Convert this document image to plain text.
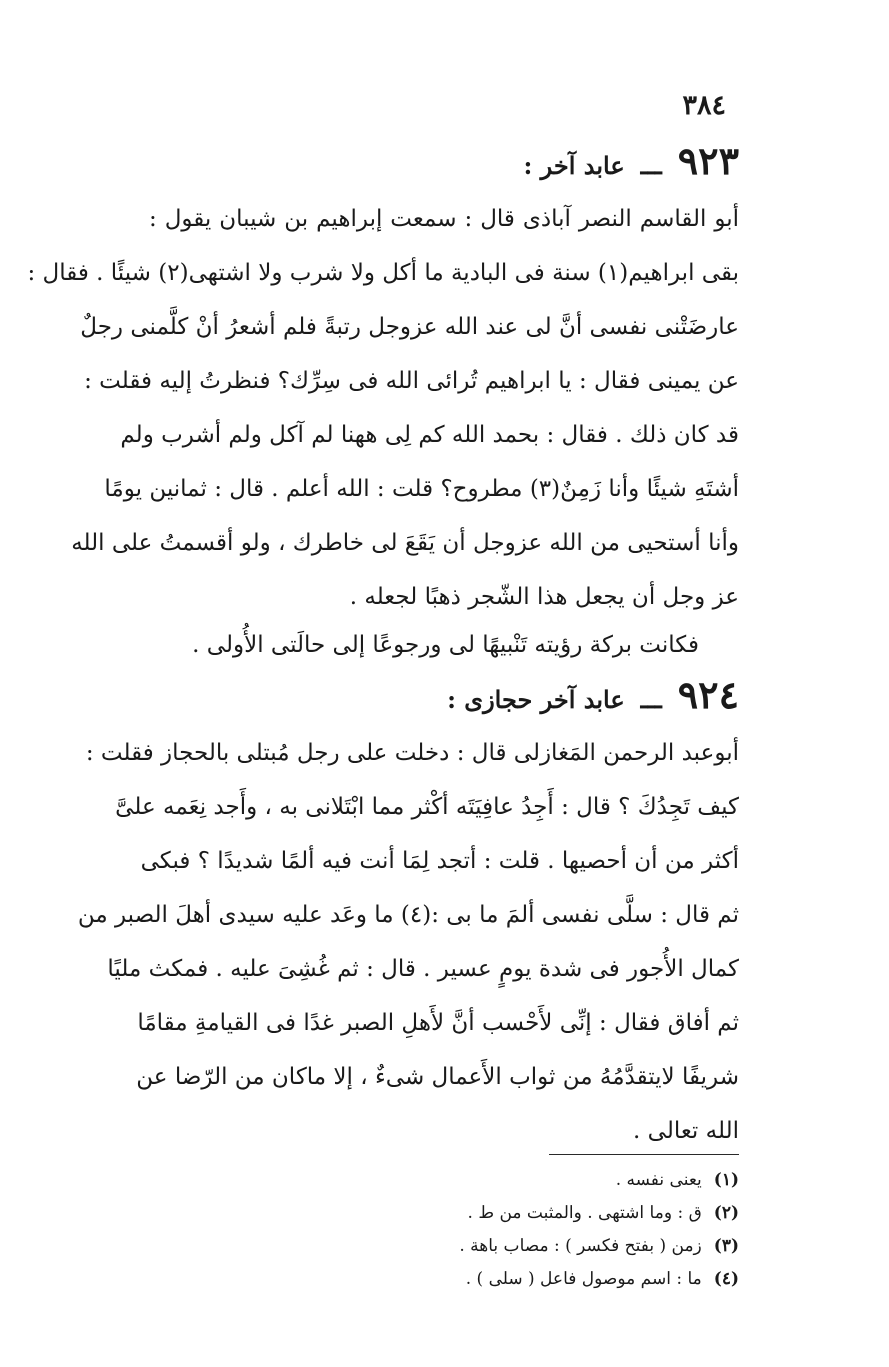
٣٨٤
٩٢٣
ـــ
عابد آخر :
أبو القاسم النصر آباذى قال : سمعت إبراهيم بن شيبان يقول :
بقى ابراهيم(١) سنة فى البادية ما أكل ولا شرب ولا اشتهى(٢) شيئًا . فقال :
عارضَتْنى نفسى أنَّ لى عند الله عزوجل رتبةً فلم أشعرُ أنْ كلَّمنى رجلٌ
عن يمينى فقال : يا ابراهيم تُرائى الله فى سِرِّك؟ فنظرتُ إليه فقلت :
قد كان ذلك . فقال : بحمد الله كم لِى ههنا لم آكل ولم أشرب ولم
أشتَهِ شيئًا وأنا زَمِنٌ(٣) مطروح؟ قلت : الله أعلم . قال : ثمانين يومًا
وأنا أستحيى من الله عزوجل أن يَقَعَ لى خاطرك ، ولو أقسمتُ على الله
عز وجل أن يجعل هذا الشّجر ذهبًا لجعله .
فكانت بركة رؤيته تَنْبيهًا لى ورجوعًا إلى حالَتى الأُولى .
٩٢٤
ـــ
عابد آخر حجازى :
أبوعبد الرحمن المَغازلى قال : دخلت على رجل مُبتلى بالحجاز فقلت :
كيف تَجِدُكَ ؟ قال : أَجِدُ عافِيَتَه أكْثر مما ابْتَلانى به ، وأَجد نِعَمه علىَّ
أكثر من أن أحصيها . قلت : أتجد لِمَا أنت فيه ألمًا شديدًا ؟ فبكى
ثم قال : سلَّى نفسى ألمَ ما بى :(٤) ما وعَد عليه سيدى أهلَ الصبر من
كمال الأُجور فى شدة يومٍ عسير . قال : ثم غُشِىَ عليه . فمكث مليًا
ثم أفاق فقال : إنِّى لأَحْسب أنَّ لأَهلِ الصبر غدًا فى القيامةِ مقامًا
شريفًا لايتقدَّمُهُ من ثواب الأَعمال شىءٌ ، إلا ماكان من الرّضا عن
الله تعالى .
(١)يعنى نفسه .
(٢)ق : وما اشتهى . والمثبت من ط .
(٣)زمن ( بفتح فكسر ) : مصاب باهة .
(٤)ما : اسم موصول فاعل ( سلى ) .
